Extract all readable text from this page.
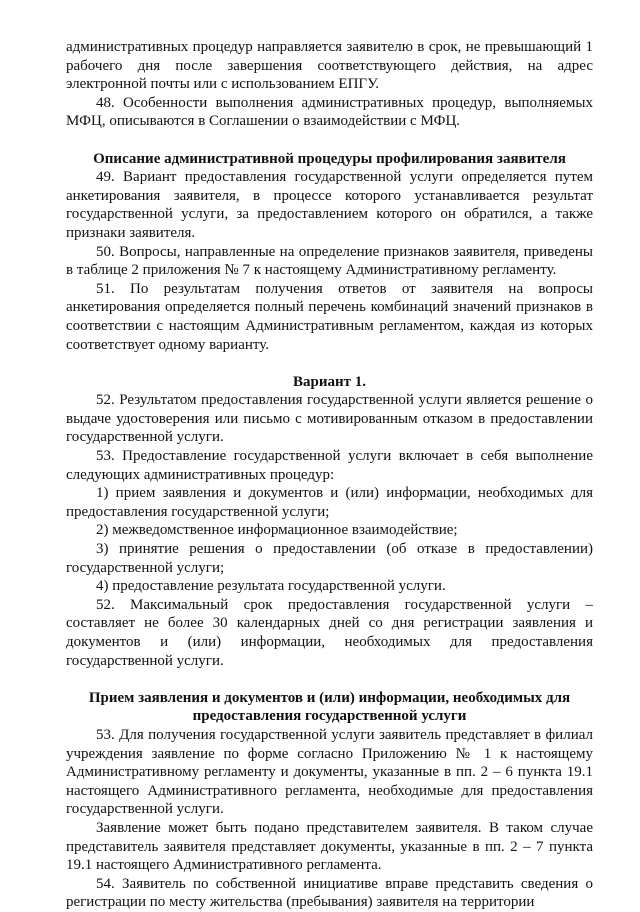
административных процедур направляется заявителю в срок, не превышающий 1 рабочего дня после завершения соответствующего действия, на адрес электронной почты или с использованием ЕПГУ.

48. Особенности выполнения административных процедур, выполняемых МФЦ, описываются в Соглашении о взаимодействии с МФЦ.

Описание административной процедуры профилирования заявителя

49. Вариант предоставления государственной услуги определяется путем анкетирования заявителя, в процессе которого устанавливается результат государственной услуги, за предоставлением которого он обратился, а также признаки заявителя.

50. Вопросы, направленные на определение признаков заявителя, приведены в таблице 2 приложения № 7 к настоящему Административному регламенту.

51. По результатам получения ответов от заявителя на вопросы анкетирования определяется полный перечень комбинаций значений признаков в соответствии с настоящим Административным регламентом, каждая из которых соответствует одному варианту.

Вариант 1.

52. Результатом предоставления государственной услуги является решение о выдаче удостоверения или письмо с мотивированным отказом в предоставлении государственной услуги.

53. Предоставление государственной услуги включает в себя выполнение следующих административных процедур:

1) прием заявления и документов и (или) информации, необходимых для предоставления государственной услуги;

2) межведомственное информационное взаимодействие;

3) принятие решения о предоставлении (об отказе в предоставлении) государственной услуги;

4) предоставление результата государственной услуги.

52. Максимальный срок предоставления государственной услуги – составляет не более 30 календарных дней со дня регистрации заявления и документов и (или) информации, необходимых для предоставления государственной услуги.

Прием заявления и документов и (или) информации, необходимых для предоставления государственной услуги

53. Для получения государственной услуги заявитель представляет в филиал учреждения заявление по форме согласно Приложению № 1 к настоящему Административному регламенту и документы, указанные в пп. 2 – 6 пункта 19.1 настоящего Административного регламента, необходимые для предоставления государственной услуги.

Заявление может быть подано представителем заявителя. В таком случае представитель заявителя представляет документы, указанные в пп. 2 – 7 пункта 19.1 настоящего Административного регламента.

54. Заявитель по собственной инициативе вправе представить сведения о регистрации по месту жительства (пребывания) заявителя на территории
